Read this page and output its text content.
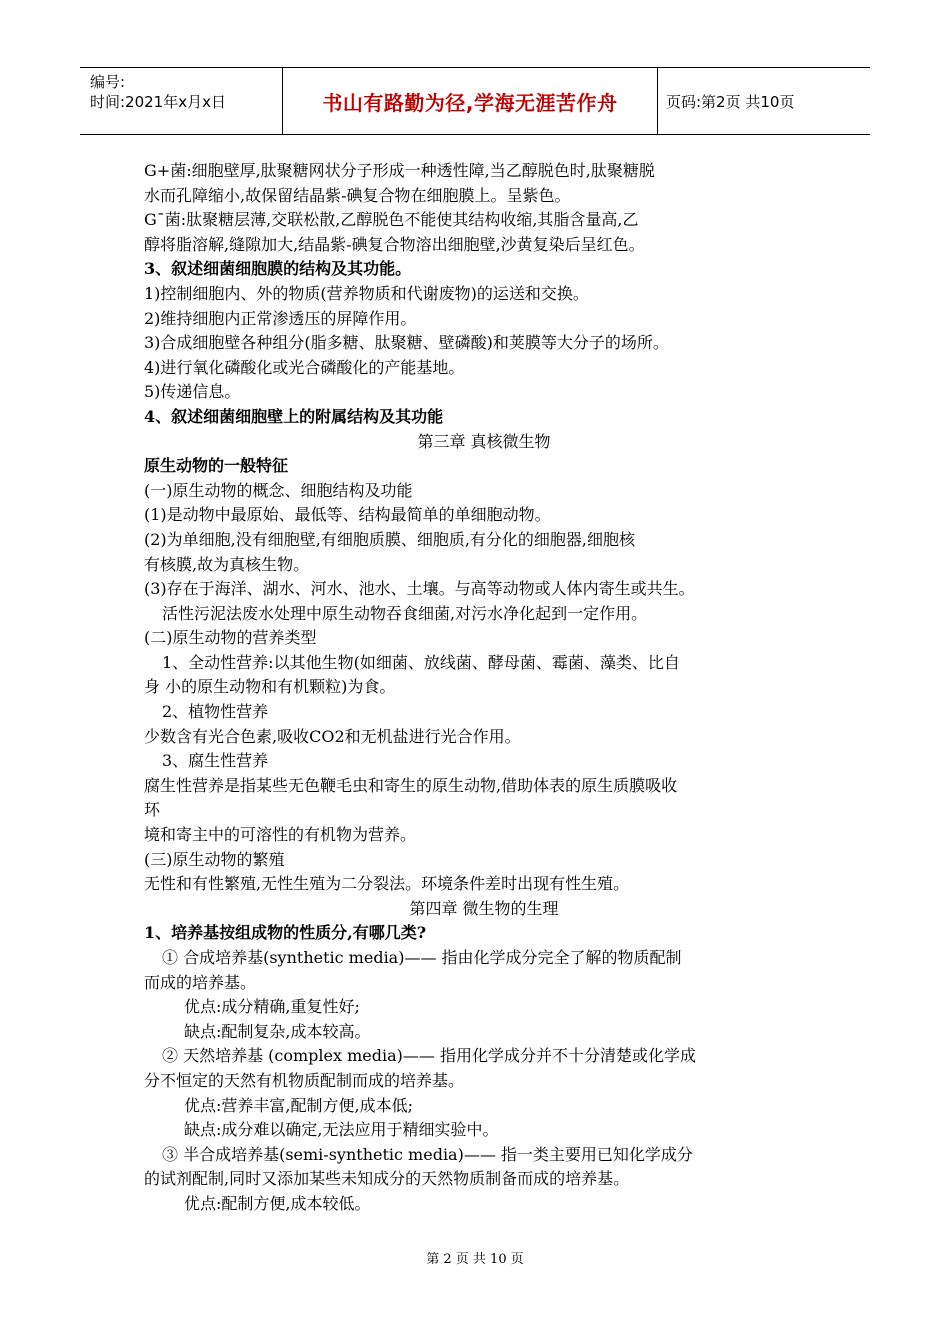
编号:
时间:2021年x月x日	书山有路勤为径,学海无涯苦作舟	页码:第2页 共10页
G+菌:细胞壁厚,肽聚糖网状分子形成一种透性障,当乙醇脱色时,肽聚糖脱
水而孔障缩小,故保留结晶紫-碘复合物在细胞膜上。呈紫色。
G¯菌:肽聚糖层薄,交联松散,乙醇脱色不能使其结构收缩,其脂含量高,乙
醇将脂溶解,缝隙加大,结晶紫-碘复合物溶出细胞壁,沙黄复染后呈红色。
3、叙述细菌细胞膜的结构及其功能。
1)控制细胞内、外的物质(营养物质和代谢废物)的运送和交换。
2)维持细胞内正常渗透压的屏障作用。
3)合成细胞壁各种组分(脂多糖、肽聚糖、壁磷酸)和荚膜等大分子的场所。
4)进行氧化磷酸化或光合磷酸化的产能基地。
5)传递信息。
4、叙述细菌细胞壁上的附属结构及其功能
第三章 真核微生物
原生动物的一般特征
(一)原生动物的概念、细胞结构及功能
(1)是动物中最原始、最低等、结构最简单的单细胞动物。
(2)为单细胞,没有细胞壁,有细胞质膜、细胞质,有分化的细胞器,细胞核
有核膜,故为真核生物。
(3)存在于海洋、湖水、河水、池水、土壤。与高等动物或人体内寄生或共生。
活性污泥法废水处理中原生动物吞食细菌,对污水净化起到一定作用。
(二)原生动物的营养类型
1、全动性营养:以其他生物(如细菌、放线菌、酵母菌、霉菌、藻类、比自
身 小的原生动物和有机颗粒)为食。
2、植物性营养
少数含有光合色素,吸收CO2和无机盐进行光合作用。
3、腐生性营养
腐生性营养是指某些无色鞭毛虫和寄生的原生动物,借助体表的原生质膜吸收
环
境和寄主中的可溶性的有机物为营养。
(三)原生动物的繁殖
无性和有性繁殖,无性生殖为二分裂法。环境条件差时出现有性生殖。
第四章 微生物的生理
1、培养基按组成物的性质分,有哪几类?
① 合成培养基(synthetic media)—— 指由化学成分完全了解的物质配制
而成的培养基。
优点:成分精确,重复性好;
缺点:配制复杂,成本较高。
② 天然培养基 (complex media)—— 指用化学成分并不十分清楚或化学成
分不恒定的天然有机物质配制而成的培养基。
优点:营养丰富,配制方便,成本低;
缺点:成分难以确定,无法应用于精细实验中。
③ 半合成培养基(semi-synthetic media)—— 指一类主要用已知化学成分
的试剂配制,同时又添加某些未知成分的天然物质制备而成的培养基。
优点:配制方便,成本较低。
第 2 页 共 10 页
